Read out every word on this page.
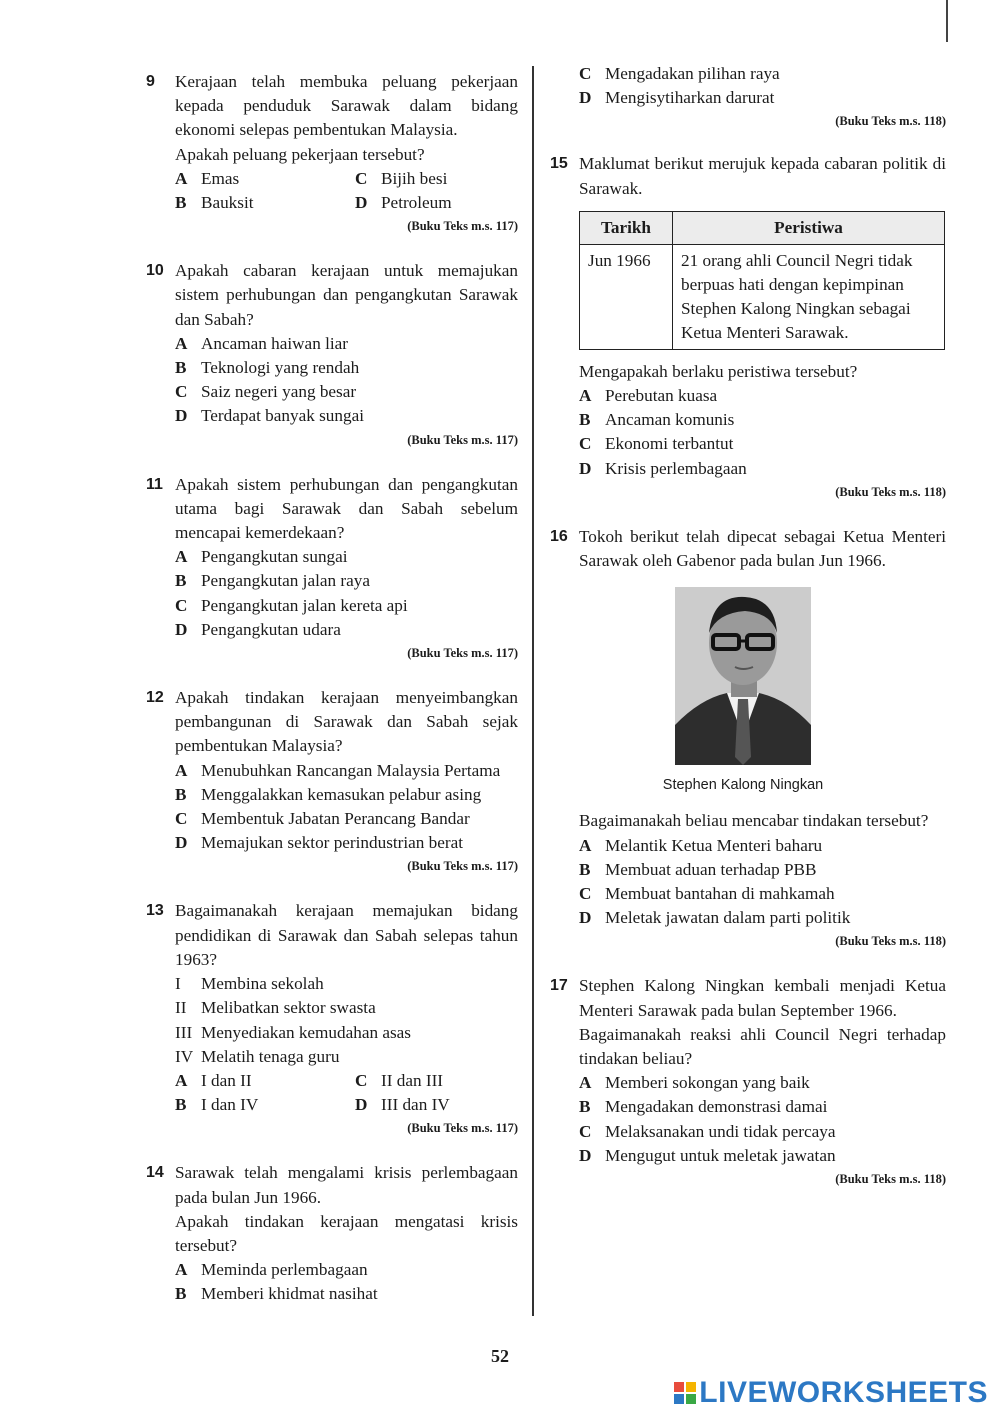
9 Kerajaan telah membuka peluang pekerjaan kepada penduduk Sarawak dalam bidang ekonomi selepas pembentukan Malaysia.
Apakah peluang pekerjaan tersebut?
A Emas	C Bijih besi
B Bauksit	D Petroleum
(Buku Teks m.s. 117)
10 Apakah cabaran kerajaan untuk memajukan sistem perhubungan dan pengangkutan Sarawak dan Sabah?
A Ancaman haiwan liar
B Teknologi yang rendah
C Saiz negeri yang besar
D Terdapat banyak sungai
(Buku Teks m.s. 117)
11 Apakah sistem perhubungan dan pengangkutan utama bagi Sarawak dan Sabah sebelum mencapai kemerdekaan?
A Pengangkutan sungai
B Pengangkutan jalan raya
C Pengangkutan jalan kereta api
D Pengangkutan udara
(Buku Teks m.s. 117)
12 Apakah tindakan kerajaan menyeimbangkan pembangunan di Sarawak dan Sabah sejak pembentukan Malaysia?
A Menubuhkan Rancangan Malaysia Pertama
B Menggalakkan kemasukan pelabur asing
C Membentuk Jabatan Perancang Bandar
D Memajukan sektor perindustrian berat
(Buku Teks m.s. 117)
13 Bagaimanakah kerajaan memajukan bidang pendidikan di Sarawak dan Sabah selepas tahun 1963?
I Membina sekolah
II Melibatkan sektor swasta
III Menyediakan kemudahan asas
IV Melatih tenaga guru
A I dan II	C II dan III
B I dan IV	D III dan IV
(Buku Teks m.s. 117)
14 Sarawak telah mengalami krisis perlembagaan pada bulan Jun 1966.
Apakah tindakan kerajaan mengatasi krisis tersebut?
A Meminda perlembagaan
B Memberi khidmat nasihat
C Mengadakan pilihan raya
D Mengisytiharkan darurat
(Buku Teks m.s. 118)
15 Maklumat berikut merujuk kepada cabaran politik di Sarawak.
Tarikh	Peristiwa
Jun 1966	21 orang ahli Council Negri tidak berpuas hati dengan kepimpinan Stephen Kalong Ningkan sebagai Ketua Menteri Sarawak.
Mengapakah berlaku peristiwa tersebut?
A Perebutan kuasa
B Ancaman komunis
C Ekonomi terbantut
D Krisis perlembagaan
(Buku Teks m.s. 118)
16 Tokoh berikut telah dipecat sebagai Ketua Menteri Sarawak oleh Gabenor pada bulan Jun 1966.
Stephen Kalong Ningkan
Bagaimanakah beliau mencabar tindakan tersebut?
A Melantik Ketua Menteri baharu
B Membuat aduan terhadap PBB
C Membuat bantahan di mahkamah
D Meletak jawatan dalam parti politik
(Buku Teks m.s. 118)
17 Stephen Kalong Ningkan kembali menjadi Ketua Menteri Sarawak pada bulan September 1966.
Bagaimanakah reaksi ahli Council Negri terhadap tindakan beliau?
A Memberi sokongan yang baik
B Mengadakan demonstrasi damai
C Melaksanakan undi tidak percaya
D Mengugut untuk meletak jawatan
(Buku Teks m.s. 118)
52
LIVEWORKSHEETS
